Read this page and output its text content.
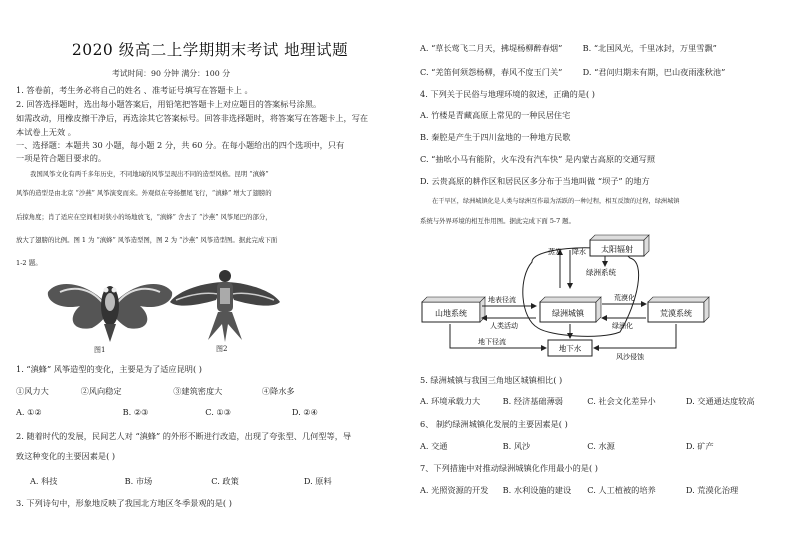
2020 级高二上学期期末考试 地理试题
考试时间：90 分钟 满分：100 分
1. 答卷前，考生务必将自己的姓名 、准考证号填写在答题卡上 。
2. 回答选择题时，选出每小题答案后，用铅笔把答题卡上对应题目的答案标号涂黑。
如需改动，用橡皮擦干净后，再选涂其它答案标号。回答非选择题时，将答案写在答题卡上，写在本试卷上无效 。
一、选择题：本题共 30 小题，每小题 2 分，共 60 分。在每小题给出的四个选项中，只有
一项是符合题目要求的。
我国风筝文化有两千多年历史，不同地域的风筝呈现出不同的造型风格。昆明 “滇蜂”
风筝的造型是由北京 “沙燕” 风筝演变而来。外观似在夸扬摆尾飞行，“滇蜂” 增大了翅膀的
后掠角度；肖了适应在空间相对狭小的场地放飞，“滇蜂” 舍去了 “沙燕” 风筝尾巴的部分，
放大了翅膀的比例。图 1 为 “滇蜂” 风筝造型图，图 2 为 “沙燕” 风筝造型图。据此完成下面
1-2 题。
图1	图2
1. “滇蜂” 风筝造型的变化，主要是为了适应昆明( )
①风力大	②风向稳定	③建筑密度大	④降水多
A. ①②	B. ②③	C. ①③	D. ②④
2. 随着时代的发展，民间艺人对 “滇蜂” 的外形不断进行改造，出现了夸张型、几何型等，导
致这种变化的主要因素是( )
A. 科技	B. 市场	C. 政策	D. 原料
3. 下列诗句中，形象地反映了我国北方地区冬季景观的是( )
A. “草长莺飞二月天，拂堤杨柳醉春烟” B. “北国风光，千里冰封，万里雪飘”
C. “羌笛何须怨杨柳，春风不度玉门关” D. “君问归期未有期，巴山夜雨涨秋池”
4. 下列关于民俗与地理环境的叙述，正确的是( )
A. 竹楼是青藏高原上常见的一种民居住宅
B. 秦腔是产生于四川盆地的一种地方民歌
C. “抽吆小马有能阶，火车没有汽车快” 是内蒙古高原的交通写照
D. 云贵高原的耕作区和居民区多分布于当地叫做 “坝子” 的地方
在干旱区，绿洲城镇化是人类与绿洲互作最为活跃的一种过程，相互反馈的过程，绿洲城镇
系统与外界环境的相互作用图。据此完成下面 5-7 题。
太阳辐射
蒸发 降水
绿洲系统
山地系统	绿洲城镇	荒漠系统
地表径流
人类活动
荒漠化
绿洲化
地下径流
地下水
风沙侵蚀
5. 绿洲城镇与我国三角地区城镇相比( )
A. 环境承载力大	B. 经济基础薄弱	C. 社会文化差异小	D. 交通通达度较高
6、 制约绿洲城镇化发展的主要因素是( )
A. 交通	B. 风沙	C. 水源	D. 矿产
7、下列措施中对推动绿洲城镇化作用最小的是( )
A. 光照资源的开发 B. 水利设施的建设 C. 人工植被的培养	D. 荒漠化治理
